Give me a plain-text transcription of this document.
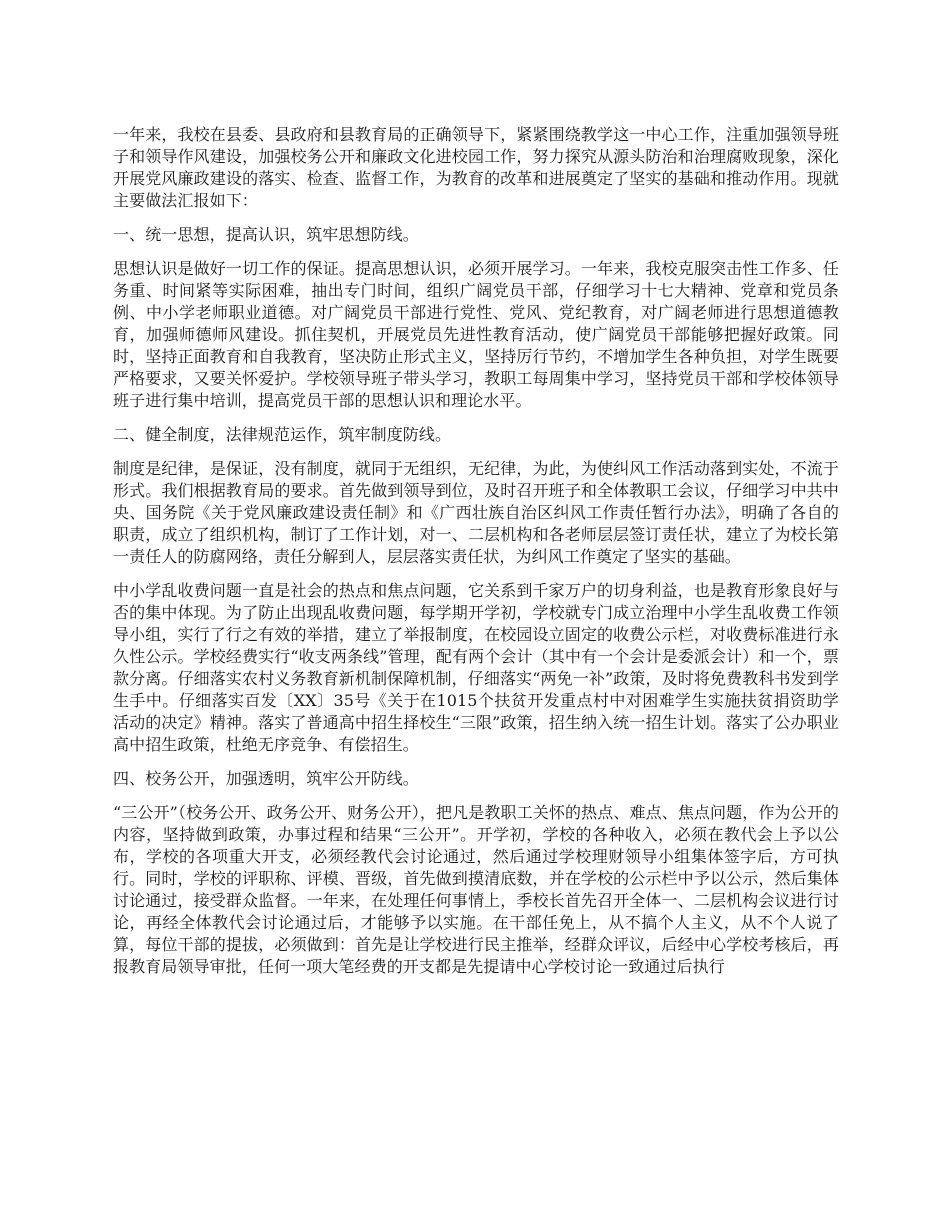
一年来，我校在县委、县政府和县教育局的正确领导下，紧紧围绕教学这一中心工作，注重加强领导班子和领导作风建设，加强校务公开和廉政文化进校园工作，努力探究从源头防治和治理腐败现象，深化开展党风廉政建设的落实、检查、监督工作，为教育的改革和进展奠定了坚实的基础和推动作用。现就主要做法汇报如下：

一、统一思想，提高认识，筑牢思想防线。

思想认识是做好一切工作的保证。提高思想认识，必须开展学习。一年来，我校克服突击性工作多、任务重、时间紧等实际困难，抽出专门时间，组织广阔党员干部，仔细学习十七大精神、党章和党员条例、中小学老师职业道德。对广阔党员干部进行党性、党风、党纪教育，对广阔老师进行思想道德教育，加强师德师风建设。抓住契机，开展党员先进性教育活动，使广阔党员干部能够把握好政策。同时，坚持正面教育和自我教育，坚决防止形式主义，坚持厉行节约，不增加学生各种负担，对学生既要严格要求，又要关怀爱护。学校领导班子带头学习，教职工每周集中学习，坚持党员干部和学校体领导班子进行集中培训，提高党员干部的思想认识和理论水平。

二、健全制度，法律规范运作，筑牢制度防线。

制度是纪律，是保证，没有制度，就同于无组织，无纪律，为此，为使纠风工作活动落到实处，不流于形式。我们根据教育局的要求。首先做到领导到位，及时召开班子和全体教职工会议，仔细学习中共中央、国务院《关于党风廉政建设责任制》和《广西壮族自治区纠风工作责任暂行办法》，明确了各自的职责，成立了组织机构，制订了工作计划，对一、二层机构和各老师层层签订责任状，建立了为校长第一责任人的防腐网络，责任分解到人，层层落实责任状，为纠风工作奠定了坚实的基础。

中小学乱收费问题一直是社会的热点和焦点问题，它关系到千家万户的切身利益，也是教育形象良好与否的集中体现。为了防止出现乱收费问题，每学期开学初，学校就专门成立治理中小学生乱收费工作领导小组，实行了行之有效的举措，建立了举报制度，在校园设立固定的收费公示栏，对收费标准进行永久性公示。学校经费实行“收支两条线”管理，配有两个会计（其中有一个会计是委派会计）和一个，票款分离。仔细落实农村义务教育新机制保障机制，仔细落实“两免一补”政策，及时将免费教科书发到学生手中。仔细落实百发〔XX〕35号《关于在1015个扶贫开发重点村中对困难学生实施扶贫捐资助学活动的决定》精神。落实了普通高中招生择校生“三限”政策，招生纳入统一招生计划。落实了公办职业高中招生政策，杜绝无序竞争、有偿招生。

四、校务公开，加强透明，筑牢公开防线。

“三公开”（校务公开、政务公开、财务公开），把凡是教职工关怀的热点、难点、焦点问题，作为公开的内容，坚持做到政策，办事过程和结果“三公开”。开学初，学校的各种收入，必须在教代会上予以公布，学校的各项重大开支，必须经教代会讨论通过，然后通过学校理财领导小组集体签字后，方可执行。同时，学校的评职称、评模、晋级，首先做到摸清底数，并在学校的公示栏中予以公示，然后集体讨论通过，接受群众监督。一年来，在处理任何事情上，季校长首先召开全体一、二层机构会议进行讨论，再经全体教代会讨论通过后，才能够予以实施。在干部任免上，从不搞个人主义，从不个人说了算，每位干部的提拔，必须做到：首先是让学校进行民主推举，经群众评议，后经中心学校考核后，再报教育局领导审批，任何一项大笔经费的开支都是先提请中心学校讨论一致通过后执行
